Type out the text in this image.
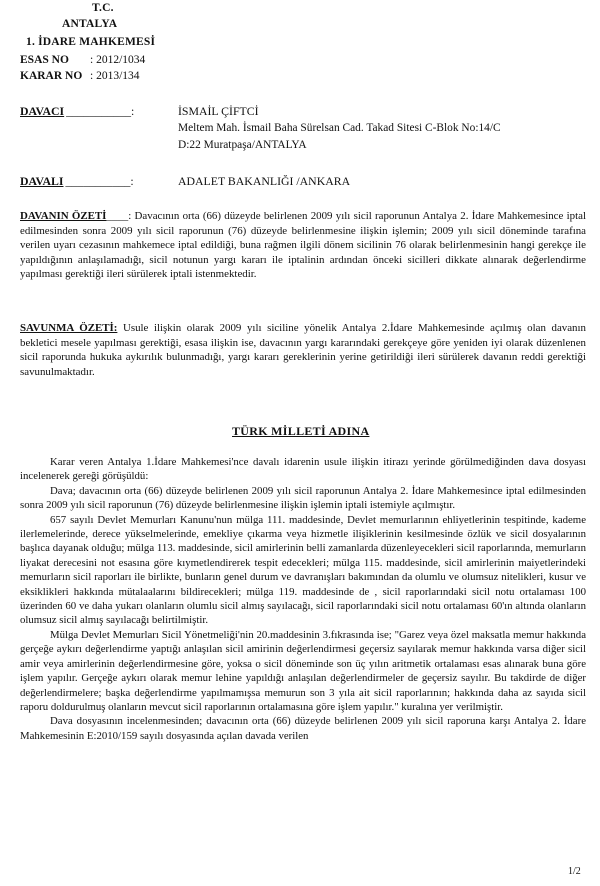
T.C.
ANTALYA
1. İDARE MAHKEMESİ
ESAS NO : 2012/1034
KARAR NO : 2013/134
DAVACI ___________:	İSMAİL ÇİFTCİ
Meltem Mah. İsmail Baha Sürelsan Cad. Takad Sitesi C-Blok No:14/C
D:22 Muratpaşa/ANTALYA
DAVALI ___________:	ADALET BAKANLIĞI /ANKARA
DAVANIN ÖZETİ____: Davacının orta (66) düzeyde belirlenen 2009 yılı sicil raporunun Antalya 2. İdare Mahkemesince iptal edilmesinden sonra 2009 yılı sicil raporunun (76) düzeyde belirlenmesine ilişkin işlemin; 2009 yılı sicil döneminde tarafına verilen uyarı cezasının mahkemece iptal edildiği, buna rağmen ilgili dönem sicilinin 76 olarak belirlenmesinin hangi gerekçe ile yapıldığının anlaşılamadığı, sicil notunun yargı kararı ile iptalinin ardından önceki sicilleri dikkate alınarak değerlendirme yapılması gerektiği ileri sürülerek iptali istenmektedir.
SAVUNMA ÖZETİ: Usule ilişkin olarak 2009 yılı siciline yönelik Antalya 2.İdare Mahkemesinde açılmış olan davanın bekletici mesele yapılması gerektiği, esasa ilişkin ise, davacının yargı kararındaki gerekçeye göre yeniden iyi olarak düzenlenen sicil raporunda hukuka aykırılık bulunmadığı, yargı kararı gereklerinin yerine getirildiği ileri sürülerek davanın reddi gerektiği savunulmaktadır.
TÜRK MİLLETİ ADINA

Karar veren Antalya 1.İdare Mahkemesi'nce davalı idarenin usule ilişkin itirazı yerinde görülmediğinden dava dosyası incelenerek gereği görüşüldü:

Dava; davacının orta (66) düzeyde belirlenen 2009 yılı sicil raporunun Antalya 2. İdare Mahkemesince iptal edilmesinden sonra 2009 yılı sicil raporunun (76) düzeyde belirlenmesine ilişkin işlemin iptali istemiyle açılmıştır.

657 sayılı Devlet Memurları Kanunu'nun mülga 111. maddesinde, Devlet memurlarının ehliyetlerinin tespitinde, kademe ilerlemelerinde, derece yükselmelerinde, emekliye çıkarma veya hizmetle ilişiklerinin kesilmesinde özlük ve sicil dosyalarının başlıca dayanak olduğu; mülga 113. maddesinde, sicil amirlerinin belli zamanlarda düzenleyecekleri sicil raporlarında, memurların liyakat derecesini not esasına göre kıymetlendirerek tespit edecekleri; mülga 115. maddesinde, sicil amirlerinin maiyetlerindeki memurların sicil raporları ile birlikte, bunların genel durum ve davranışları bakımından da olumlu ve olumsuz nitelikleri, kusur ve eksiklikleri hakkında mütalaalarını bildirecekleri; mülga 119. maddesinde de , sicil raporlarındaki sicil notu ortalaması 100 üzerinden 60 ve daha yukarı olanların olumlu sicil almış sayılacağı, sicil raporlarındaki sicil notu ortalaması 60'ın altında olanların olumsuz sicil almış sayılacağı belirtilmiştir.

Mülga Devlet Memurları Sicil Yönetmeliği'nin 20.maddesinin 3.fıkrasında ise; "Garez veya özel maksatla memur hakkında gerçeğe aykırı değerlendirme yaptığı anlaşılan sicil amirinin değerlendirmesi geçersiz sayılarak memur hakkında varsa diğer sicil amir veya amirlerinin değerlendirmesine göre, yoksa o sicil döneminde son üç yılın aritmetik ortalaması esas alınarak buna göre işlem yapılır. Gerçeğe aykırı olarak memur lehine yapıldığı anlaşılan değerlendirmeler de geçersiz sayılır. Bu takdirde de diğer değerlendirmelere; başka değerlendirme yapılmamışsa memurun son 3 yıla ait sicil raporlarının; hakkında daha az sayıda sicil raporu doldurulmuş olanların mevcut sicil raporlarının ortalamasına göre işlem yapılır." kuralına yer verilmiştir.

Dava dosyasının incelenmesinden; davacının orta (66) düzeyde belirlenen 2009 yılı sicil raporuna karşı Antalya 2. İdare Mahkemesinin E:2010/159 sayılı dosyasında açılan davada verilen

1/2
